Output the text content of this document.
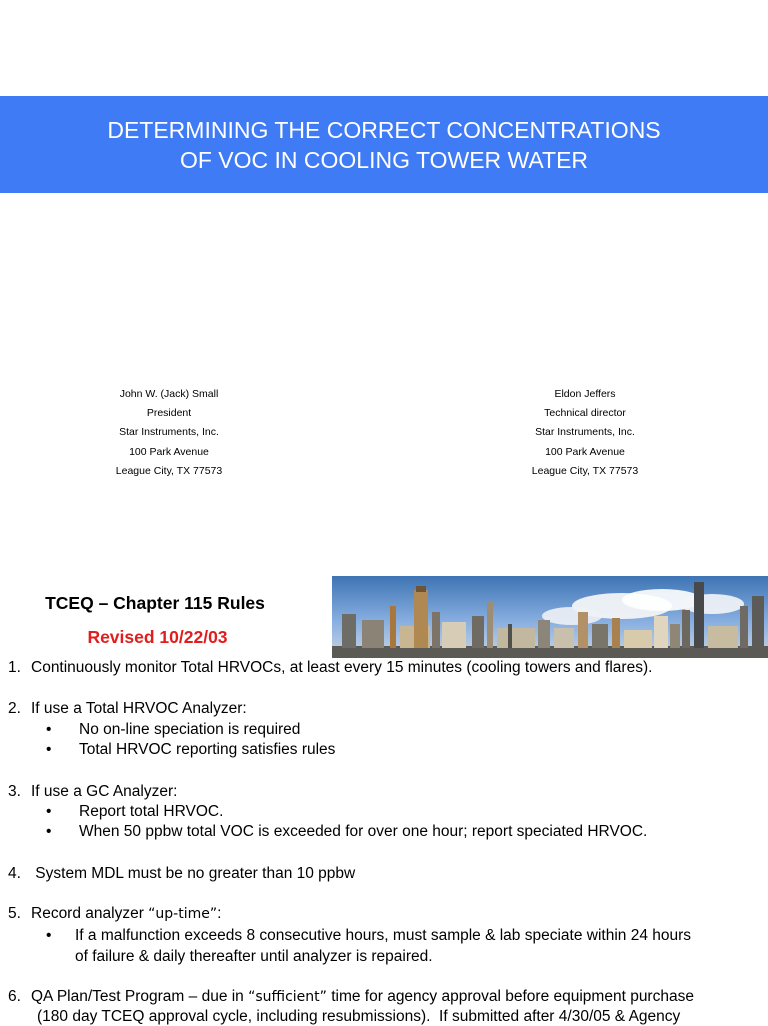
DETERMINING THE CORRECT CONCENTRATIONS
OF VOC IN COOLING TOWER WATER
John W. (Jack) Small
President
Star Instruments, Inc.
100 Park Avenue
League City, TX 77573
Eldon Jeffers
Technical director
Star Instruments, Inc.
100 Park Avenue
League City, TX 77573
TCEQ – Chapter 115 Rules
Revised 10/22/03
1. Continuously monitor Total HRVOCs, at least every 15 minutes (cooling towers and flares).
2. If use a Total HRVOC Analyzer:
• No on-line speciation is required
• Total HRVOC reporting satisfies rules
3. If use a GC Analyzer:
• Report total HRVOC.
• When 50 ppbw total VOC is exceeded for over one hour; report speciated HRVOC.
4. System MDL must be no greater than 10 ppbw
5. Record analyzer “up-time”:
• If a malfunction exceeds 8 consecutive hours, must sample & lab speciate within 24 hours
of failure & daily thereafter until analyzer is repaired.
6. QA Plan/Test Program – due in “sufficient” time for agency approval before equipment purchase
(180 day TCEQ approval cycle, including resubmissions).  If submitted after 4/30/05 & Agency
